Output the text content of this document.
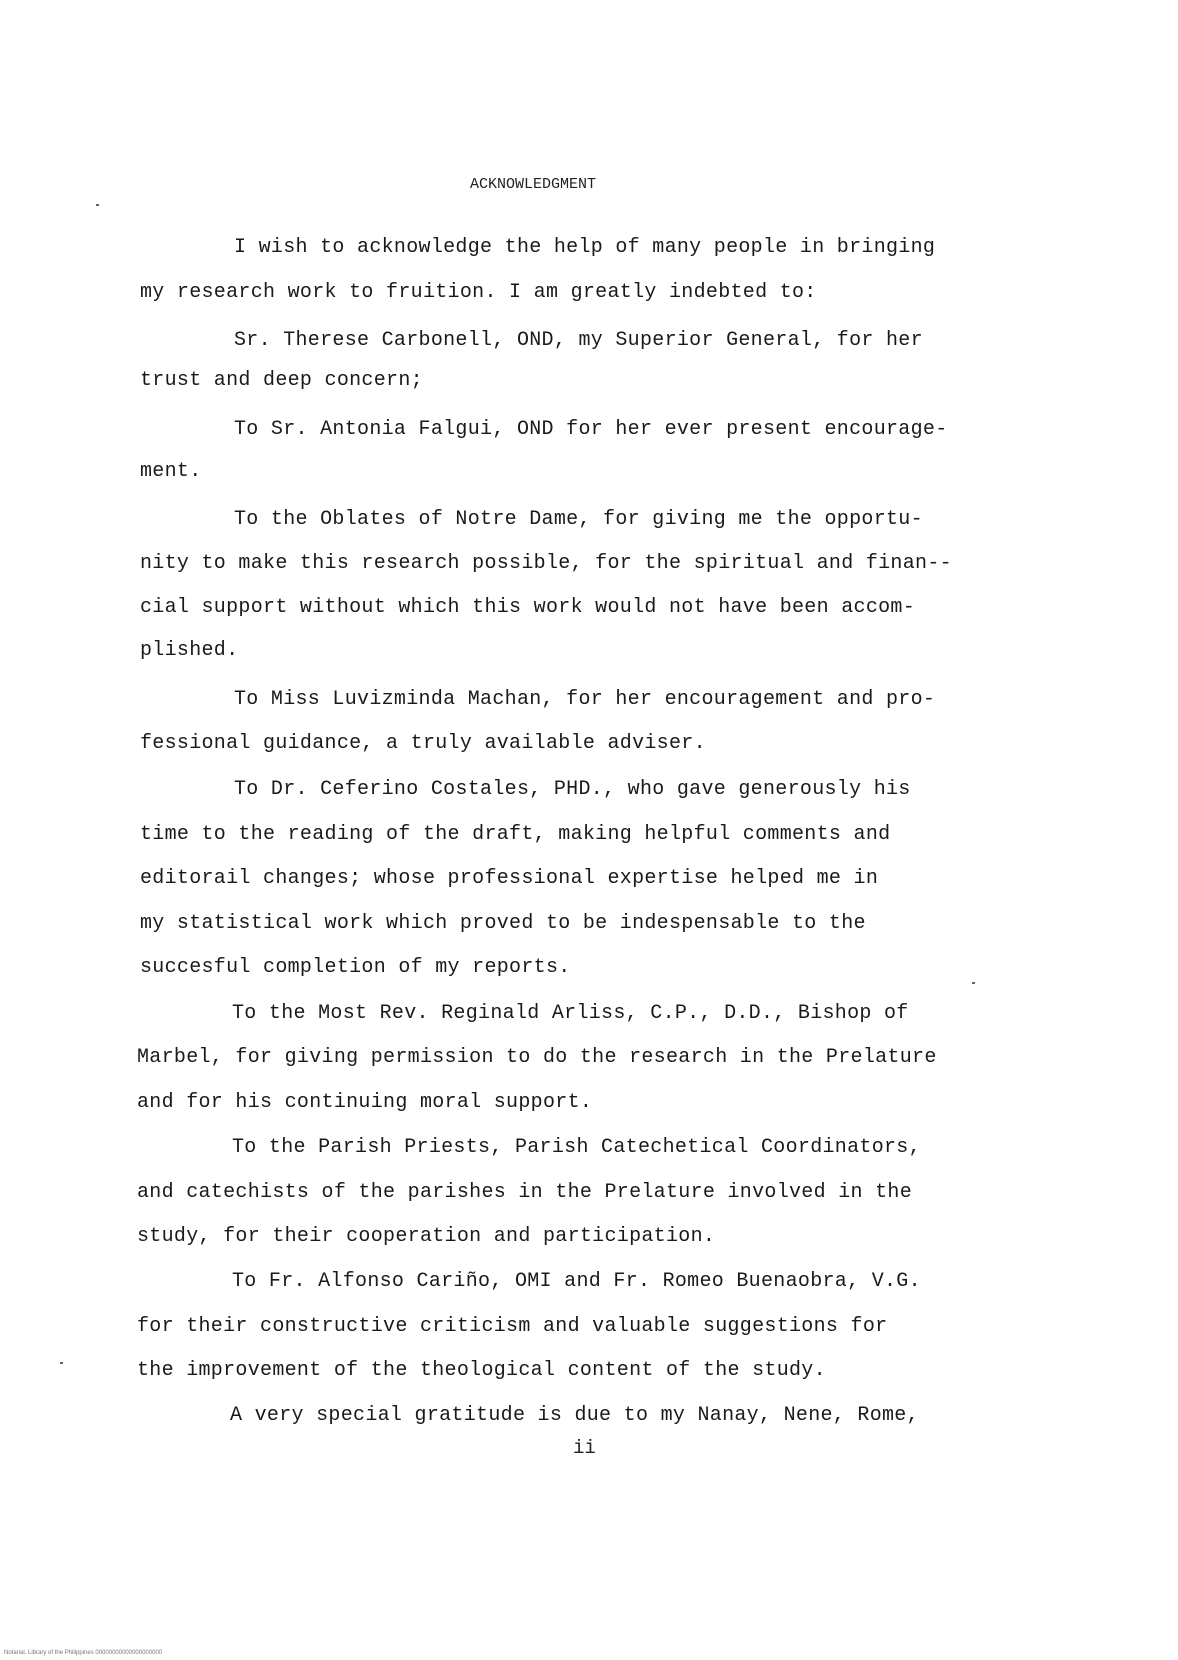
ACKNOWLEDGMENT
I wish to acknowledge the help of many people in bringing
my research work to fruition. I am greatly indebted to:
Sr. Therese Carbonell, OND, my Superior General, for her
trust and deep concern;
To Sr. Antonia Falgui, OND for her ever present encourage-
ment.
To the Oblates of Notre Dame, for giving me the opportu-
nity to make this research possible, for the spiritual and finan--
cial support without which this work would not have been accom-
plished.
To Miss Luvizminda Machan, for her encouragement and pro-
fessional guidance, a truly available adviser.
To Dr. Ceferino Costales, PHD., who gave generously his
time to the reading of the draft, making helpful comments and
editorail changes; whose professional expertise helped me in
my statistical work which proved to be indespensable to the
succesful completion of my reports.
To the Most Rev. Reginald Arliss, C.P., D.D., Bishop of
Marbel, for giving permission to do the research in the Prelature
and for his continuing moral support.
To the Parish Priests, Parish Catechetical Coordinators,
and catechists of the parishes in the Prelature involved in the
study, for their cooperation and participation.
To Fr. Alfonso Cariño, OMI and Fr. Romeo Buenaobra, V.G.
for their constructive criticism and valuable suggestions for
the improvement of the theological content of the study.
A very special gratitude is due to my Nanay, Nene, Rome,
ii
Notarial, Library of the Philippines 00000000000000000000
